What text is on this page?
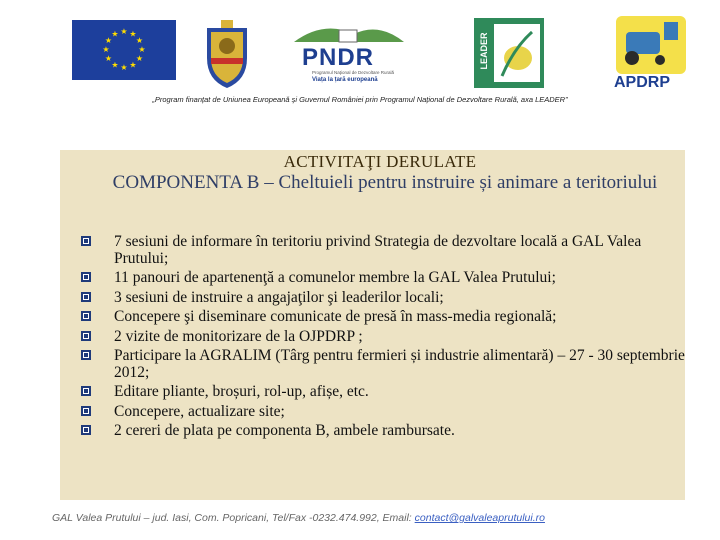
★ ★
★
★
★
★
★
★
★
★
★
★
PNDR
Programul Naţional de Dezvoltare Rurală
Viața la țară europeană
LEADER
APDRP
„Program finanțat de Uniunea Europeană și Guvernul României prin Programul Național de Dezvoltare Rurală, axa LEADER”
ACTIVITAŢI DERULATE
COMPONENTA B – Cheltuieli pentru instruire și animare a teritoriului
7 sesiuni de informare în teritoriu privind Strategia de dezvoltare locală a GAL Valea Prutului;
11 panouri de apartenenţă a comunelor membre la GAL Valea Prutului;
3 sesiuni de instruire a angajaţilor şi leaderilor locali;
Concepere şi diseminare comunicate de presă în mass-media regională;
2 vizite de monitorizare de la OJPDRP ;
Participare la AGRALIM (Târg pentru fermieri și industrie alimentară) – 27 - 30 septembrie 2012;
Editare pliante, broșuri, rol-up, afișe, etc.
Concepere, actualizare site;
2 cereri de plata pe componenta B, ambele rambursate.
GAL Valea Prutului – jud. Iasi, Com. Popricani, Tel/Fax -0232.474.992, Email: contact@galvaleaprutului.ro
